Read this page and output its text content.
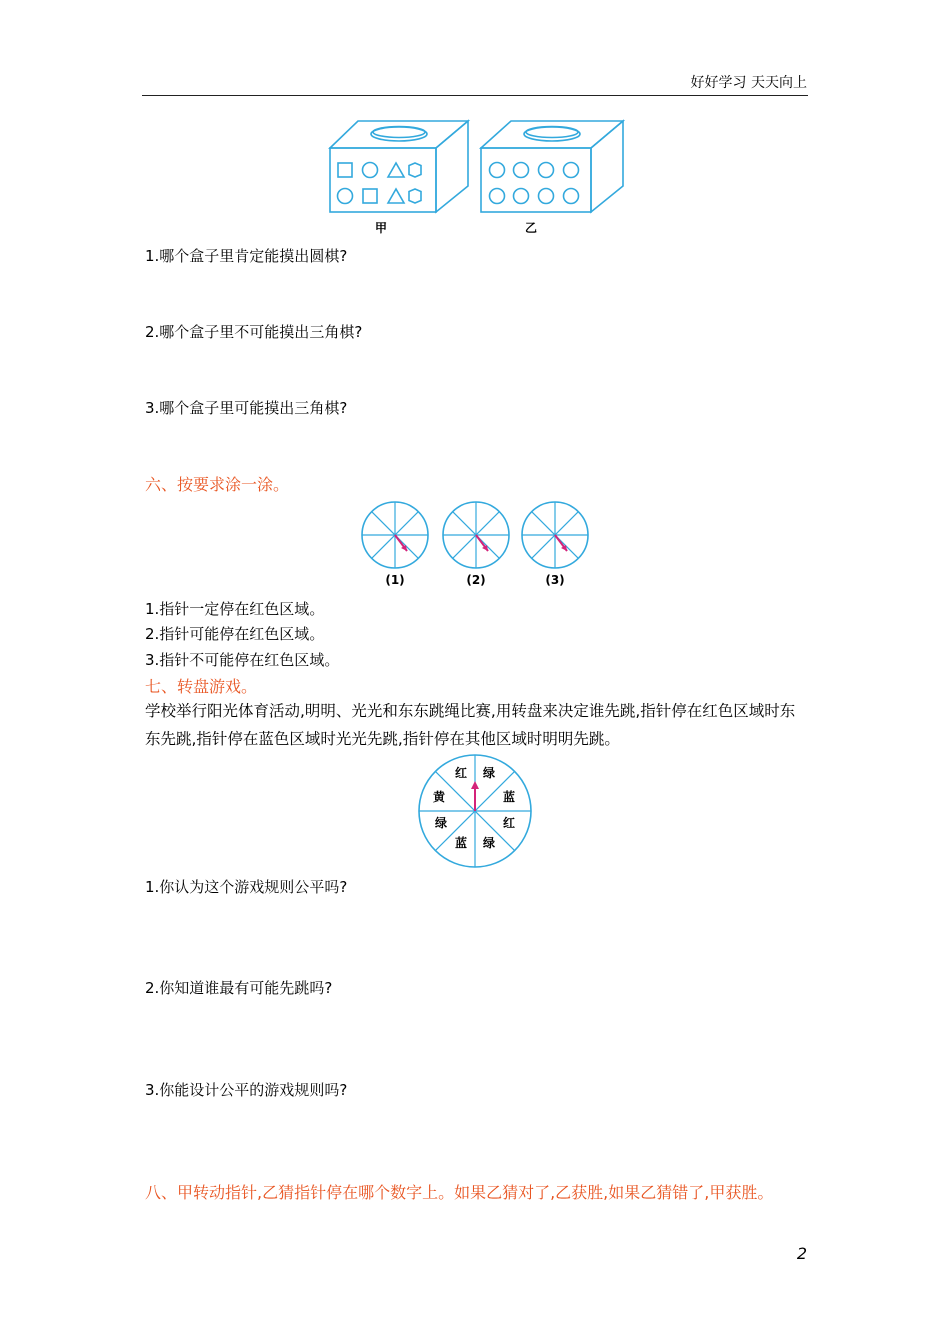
好好学习 天天向上
甲	乙
1.哪个盒子里肯定能摸出圆棋?
2.哪个盒子里不可能摸出三角棋?
3.哪个盒子里可能摸出三角棋?
六、按要求涂一涂。
(1)	(2)	(3)
1.指针一定停在红色区域。
2.指针可能停在红色区域。
3.指针不可能停在红色区域。
七、转盘游戏。
学校举行阳光体育活动,明明、光光和东东跳绳比赛,用转盘来决定谁先跳,指针停在红色区域时东东先跳,指针停在蓝色区域时光光先跳,指针停在其他区域时明明先跳。
红 绿
蓝
红
绿
蓝
绿
黄
1.你认为这个游戏规则公平吗?
2.你知道谁最有可能先跳吗?
3.你能设计公平的游戏规则吗?
八、甲转动指针,乙猜指针停在哪个数字上。如果乙猜对了,乙获胜,如果乙猜错了,甲获胜。
2
